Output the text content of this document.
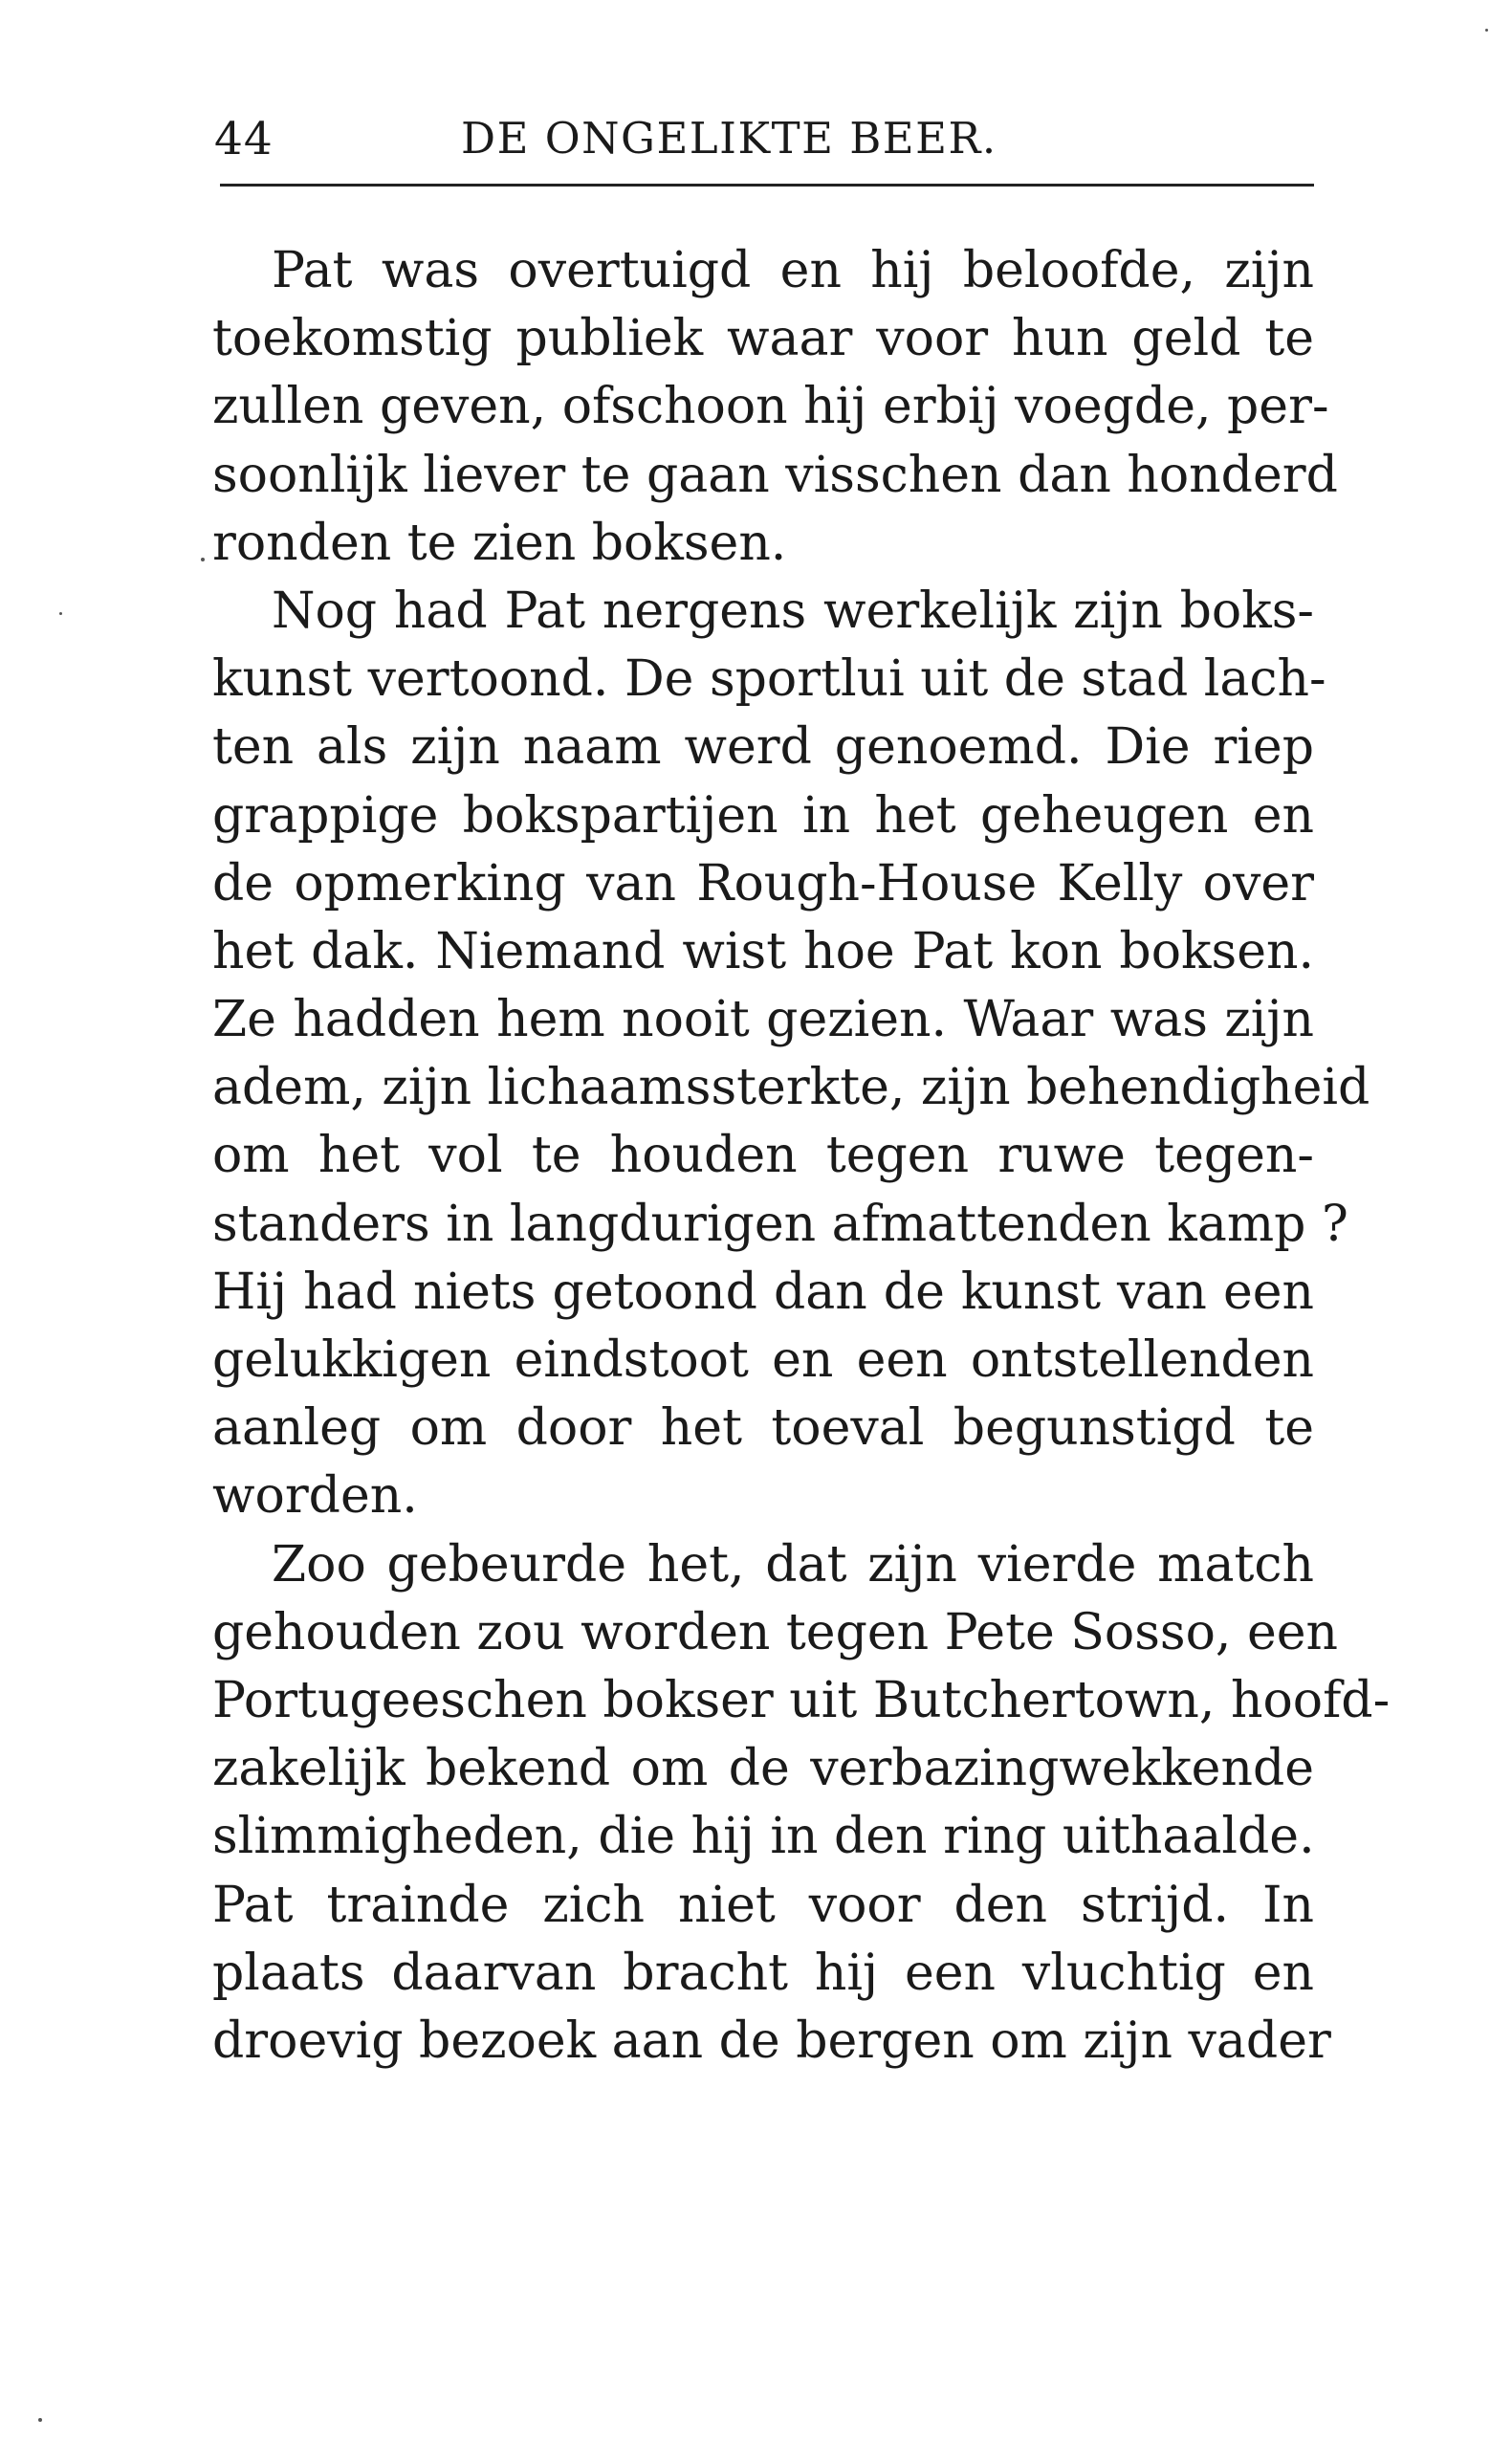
44	DE ONGELIKTE BEER.
Pat was overtuigd en hij beloofde, zijn
toekomstig publiek waar voor hun geld te
zullen geven, ofschoon hij erbij voegde, per-
soonlijk liever te gaan visschen dan honderd
ronden te zien boksen.
Nog had Pat nergens werkelijk zijn boks-
kunst vertoond. De sportlui uit de stad lach-
ten als zijn naam werd genoemd. Die riep
grappige bokspartijen in het geheugen en
de opmerking van Rough-House Kelly over
het dak. Niemand wist hoe Pat kon boksen.
Ze hadden hem nooit gezien. Waar was zijn
adem, zijn lichaamssterkte, zijn behendigheid
om het vol te houden tegen ruwe tegen-
standers in langdurigen afmattenden kamp ?
Hij had niets getoond dan de kunst van een
gelukkigen eindstoot en een ontstellenden
aanleg om door het toeval begunstigd te
worden.
Zoo gebeurde het, dat zijn vierde match
gehouden zou worden tegen Pete Sosso, een
Portugeeschen bokser uit Butchertown, hoofd-
zakelijk bekend om de verbazingwekkende
slimmigheden, die hij in den ring uithaalde.
Pat trainde zich niet voor den strijd. In
plaats daarvan bracht hij een vluchtig en
droevig bezoek aan de bergen om zijn vader
